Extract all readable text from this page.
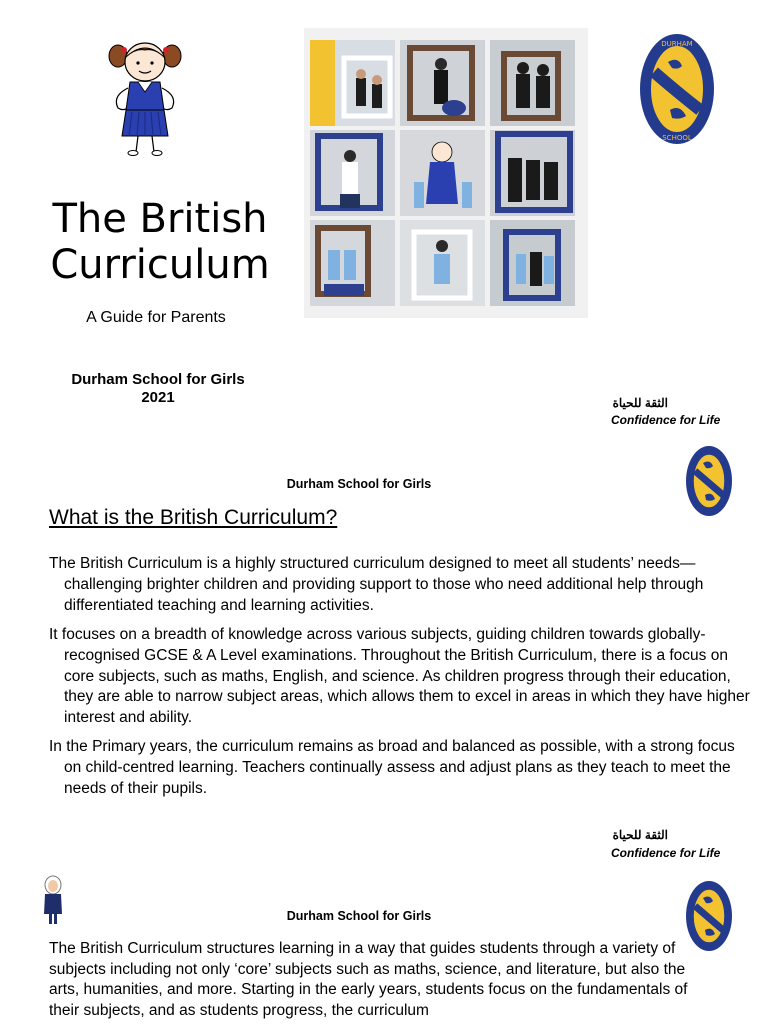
DURHAM
SCHOOL
The British
Curriculum
A Guide for Parents
Durham School for Girls
2021	الثقة للحياة
Confidence for Life
Durham School for Girls
What is the British Curriculum?

The British Curriculum is a highly structured curriculum designed to meet all students’ needs—challenging brighter children and providing support to those who need additional help through differentiated teaching and learning activities.

It focuses on a breadth of knowledge across various subjects, guiding children towards globally-recognised GCSE & A Level examinations. Throughout the British Curriculum, there is a focus on core subjects, such as maths, English, and science. As children progress through their education, they are able to narrow subject areas, which allows them to excel in areas in which they have higher interest and ability.

In the Primary years, the curriculum remains as broad and balanced as possible, with a strong focus on child-centred learning. Teachers continually assess and adjust plans as they teach to meet the needs of their pupils.

الثقة للحياة
Confidence for Life
Durham School for Girls

The British Curriculum structures learning in a way that guides students through a variety of subjects including not only ‘core’ subjects such as maths, science, and literature, but also the arts, humanities, and more. Starting in the early years, students focus on the fundamentals of their subjects, and as students progress, the curriculum
